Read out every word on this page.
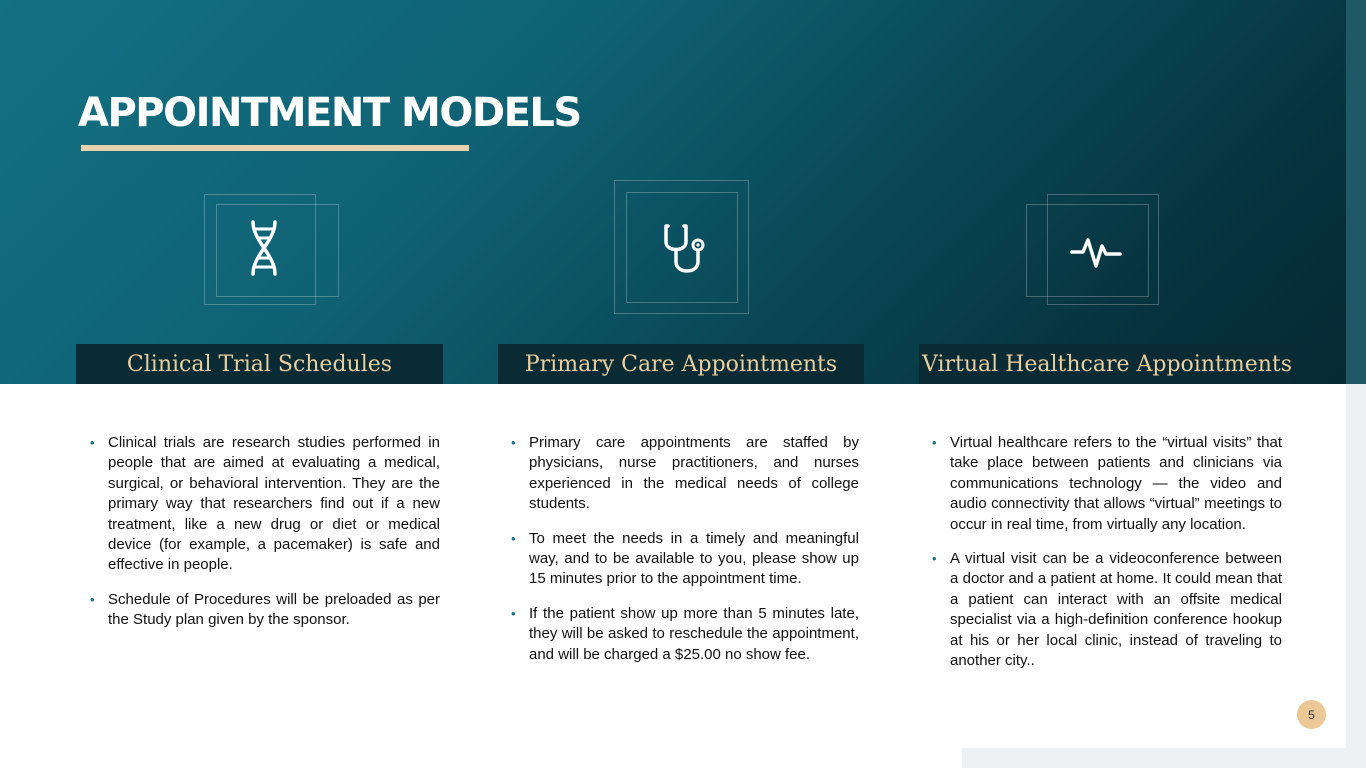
APPOINTMENT MODELS
Clinical Trial Schedules	Primary Care Appointments	Virtual Healthcare Appointments
• Clinical trials are research studies performed in people that are aimed at evaluating a medical, surgical, or behavioral intervention. They are the primary way that researchers find out if a new treatment, like a new drug or diet or medical device (for example, a pacemaker) is safe and effective in people.
• Schedule of Procedures will be preloaded as per the Study plan given by the sponsor.
• Primary care appointments are staffed by physicians, nurse practitioners, and nurses experienced in the medical needs of college students.
• To meet the needs in a timely and meaningful way, and to be available to you, please show up 15 minutes prior to the appointment time.
• If the patient show up more than 5 minutes late, they will be asked to reschedule the appointment, and will be charged a $25.00 no show fee.
• Virtual healthcare refers to the “virtual visits” that take place between patients and clinicians via communications technology — the video and audio connectivity that allows “virtual” meetings to occur in real time, from virtually any location.
• A virtual visit can be a videoconference between a doctor and a patient at home. It could mean that a patient can interact with an offsite medical specialist via a high-definition conference hookup at his or her local clinic, instead of traveling to another city..
5
